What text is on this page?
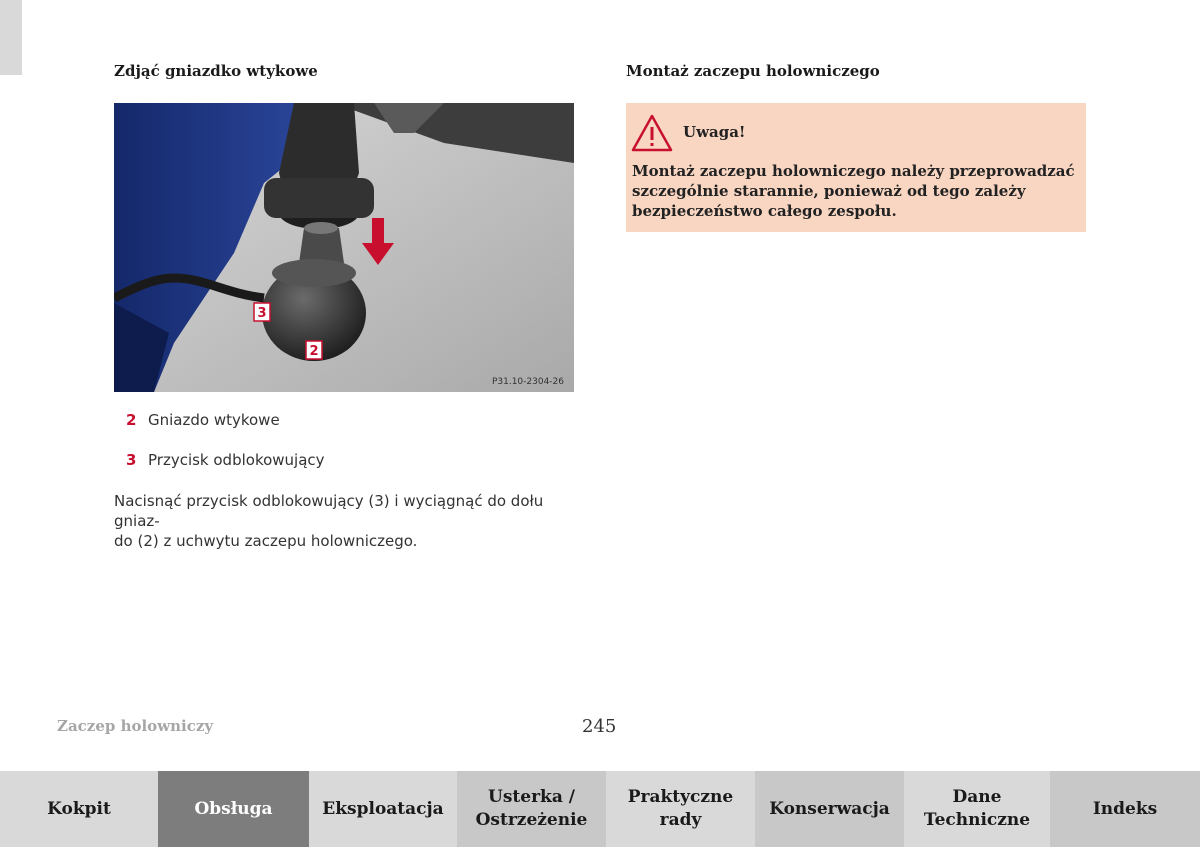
Zdjąć gniazdko wtykowe
3
2
P31.10-2304-26
2 Gniazdo wtykowe
3 Przycisk odblokowujący
Nacisnąć przycisk odblokowujący (3) i wyciągnąć do dołu gniaz-
do (2) z uchwytu zaczepu holowniczego.
Montaż zaczepu holowniczego
Uwaga!
Montaż zaczepu holowniczego należy przeprowadzać szczególnie starannie, ponieważ od tego zależy bezpieczeństwo całego zespołu.
Zaczep holowniczy	245
Kokpit	Obsługa	Eksploatacja
Usterka /
Ostrzeżenie
Praktyczne
rady
Konserwacja
Dane
Techniczne
Indeks
